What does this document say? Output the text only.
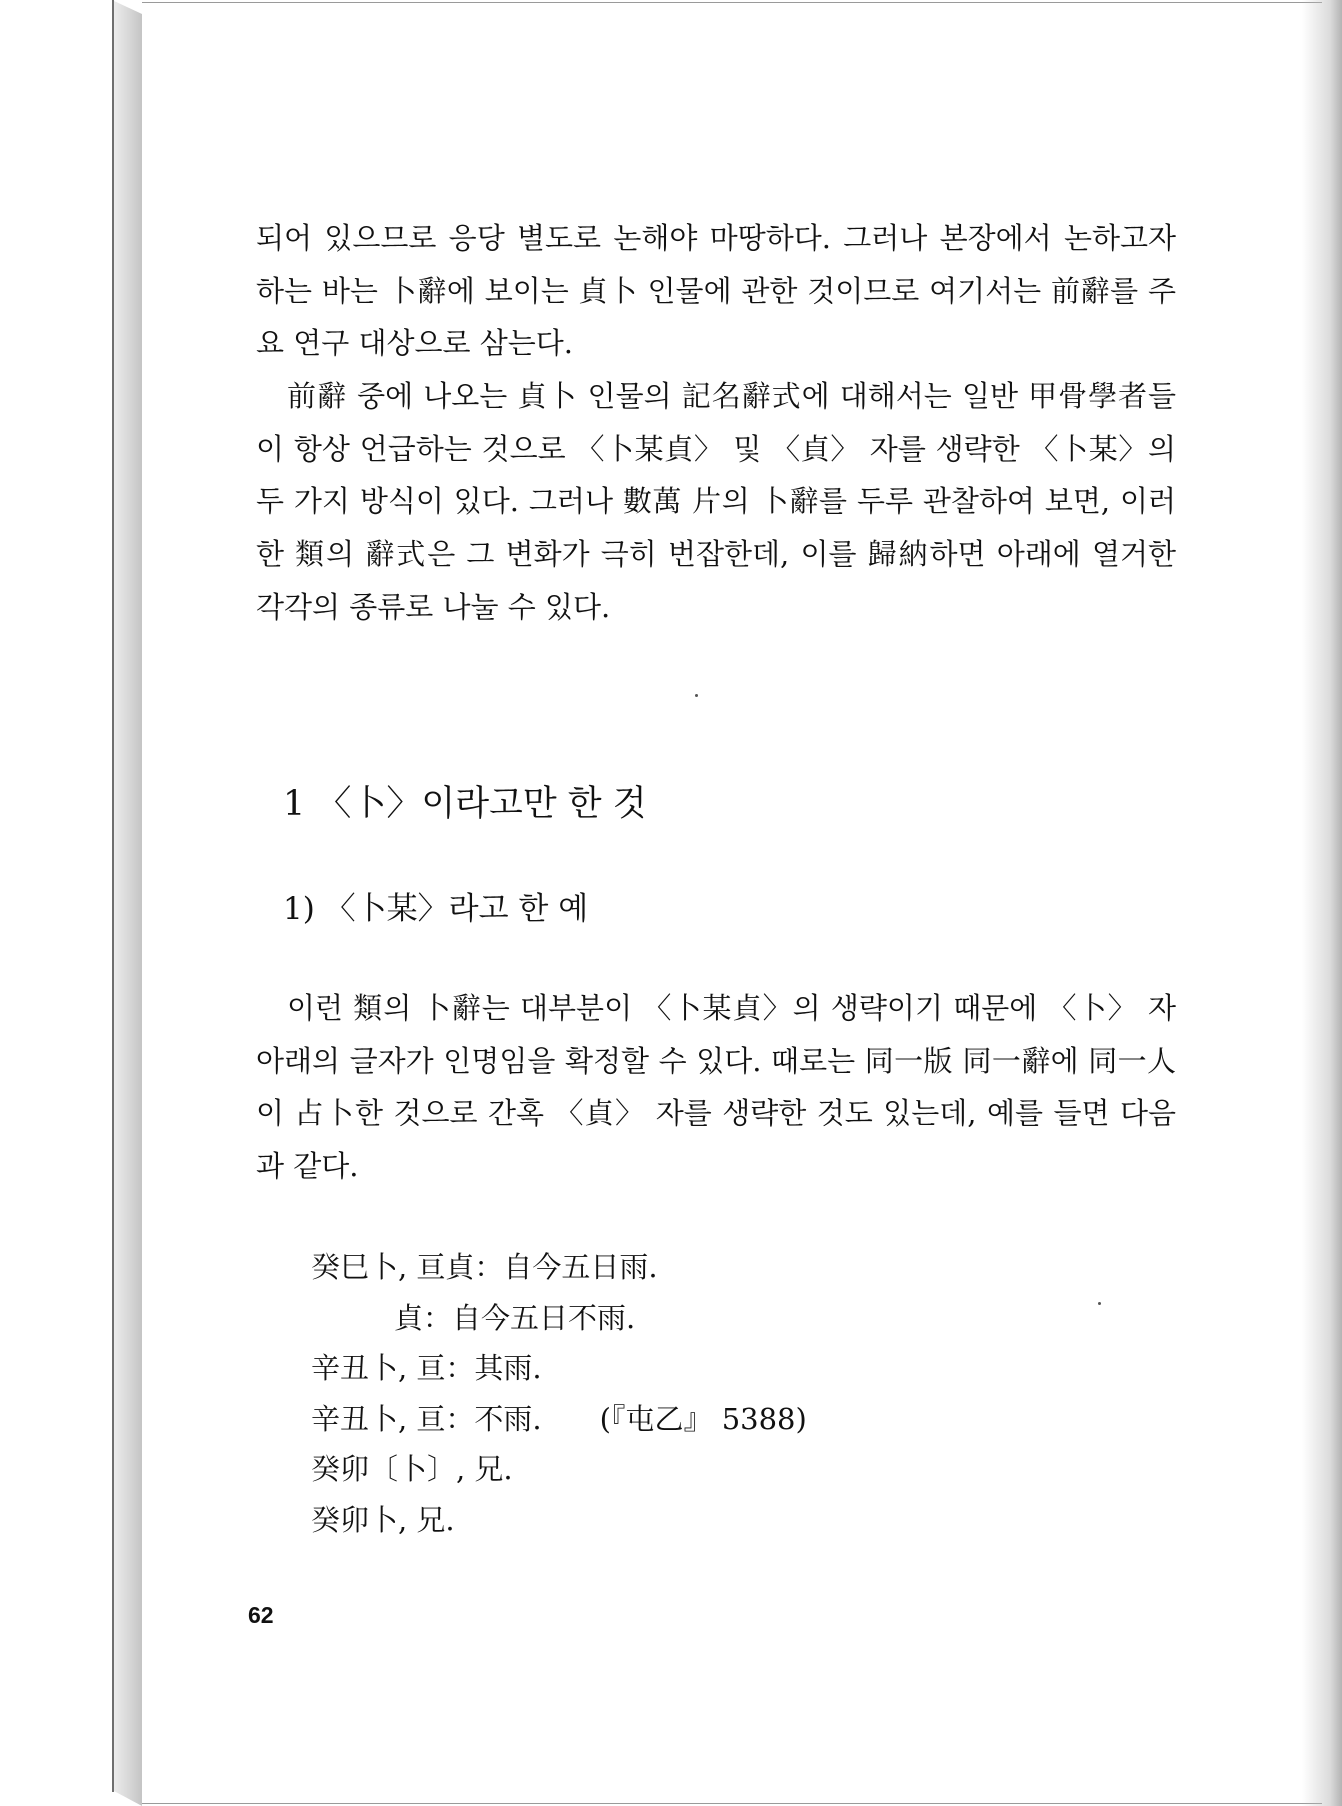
되어 있으므로 응당 별도로 논해야 마땅하다. 그러나 본장에서 논하고자 하는 바는 卜辭에 보이는 貞卜 인물에 관한 것이므로 여기서는 前辭를 주요 연구 대상으로 삼는다.

前辭 중에 나오는 貞卜 인물의 記名辭式에 대해서는 일반 甲骨學者들이 항상 언급하는 것으로 〈卜某貞〉 및 〈貞〉 자를 생략한 〈卜某〉의 두 가지 방식이 있다. 그러나 數萬 片의 卜辭를 두루 관찰하여 보면, 이러한 類의 辭式은 그 변화가 극히 번잡한데, 이를 歸納하면 아래에 열거한 각각의 종류로 나눌 수 있다.

1 〈卜〉이라고만 한 것
1) 〈卜某〉라고 한 예

이런 類의 卜辭는 대부분이 〈卜某貞〉의 생략이기 때문에 〈卜〉 자 아래의 글자가 인명임을 확정할 수 있다. 때로는 同一版 同一辭에 同一人이 占卜한 것으로 간혹 〈貞〉 자를 생략한 것도 있는데, 예를 들면 다음과 같다.

癸巳卜, 亘貞：自今五日雨.
貞：自今五日不雨.
辛丑卜, 亘：其雨.
辛丑卜, 亘：不雨. (『屯乙』 5388)
癸卯〔卜〕, 兄.
癸卯卜, 兄.
62
